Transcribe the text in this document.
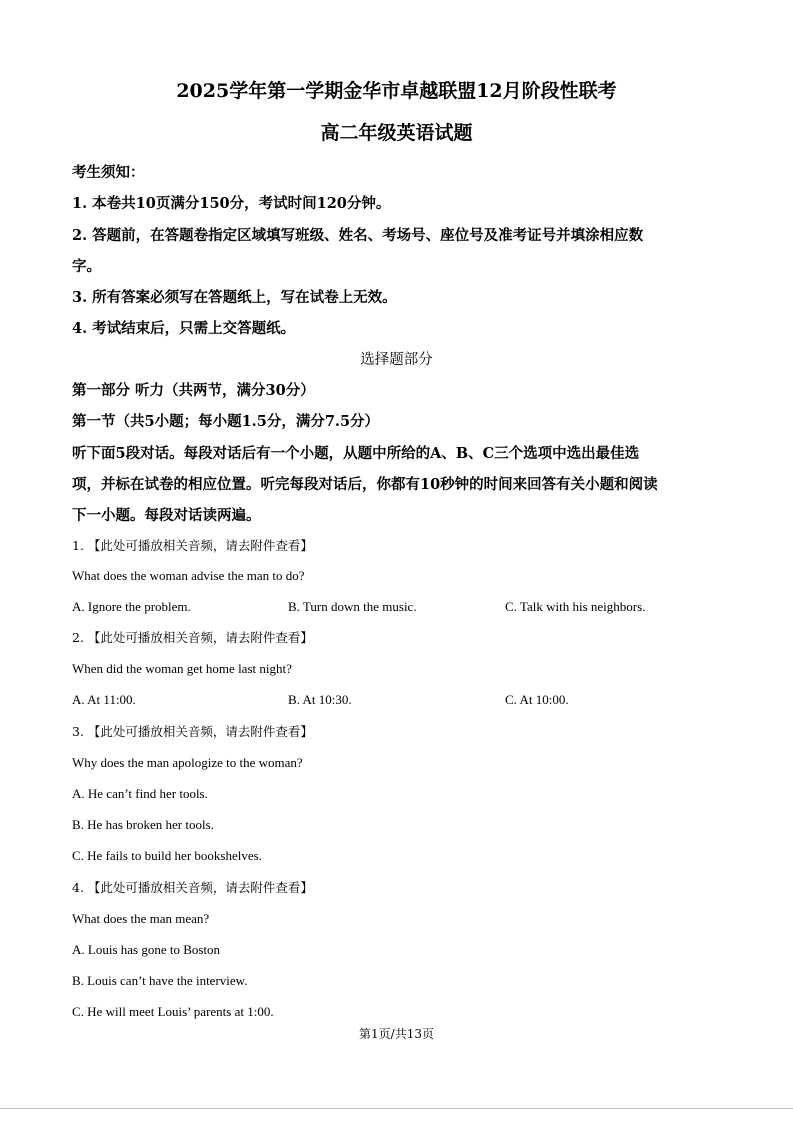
2025学年第一学期金华市卓越联盟12月阶段性联考
高二年级英语试题
考生须知：
1. 本卷共10页满分150分，考试时间120分钟。
2. 答题前，在答题卷指定区域填写班级、姓名、考场号、座位号及准考证号并填涂相应数
字。
3. 所有答案必须写在答题纸上，写在试卷上无效。
4. 考试结束后，只需上交答题纸。
选择题部分
第一部分 听力（共两节，满分30分）
第一节（共5小题；每小题1.5分，满分7.5分）
听下面5段对话。每段对话后有一个小题，从题中所给的A、B、C三个选项中选出最佳选
项，并标在试卷的相应位置。听完每段对话后，你都有10秒钟的时间来回答有关小题和阅读
下一小题。每段对话读两遍。
1. 【此处可播放相关音频，请去附件查看】
What does the woman advise the man to do?
A. Ignore the problem.	B. Turn down the music.	C. Talk with his neighbors.
2. 【此处可播放相关音频，请去附件查看】
When did the woman get home last night?
A. At 11:00.	B. At 10:30.	C. At 10:00.
3. 【此处可播放相关音频，请去附件查看】
Why does the man apologize to the woman?
A. He can’t find her tools.
B. He has broken her tools.
C. He fails to build her bookshelves.
4. 【此处可播放相关音频，请去附件查看】
What does the man mean?
A. Louis has gone to Boston
B. Louis can’t have the interview.
C. He will meet Louis’ parents at 1:00.
第1页/共13页
